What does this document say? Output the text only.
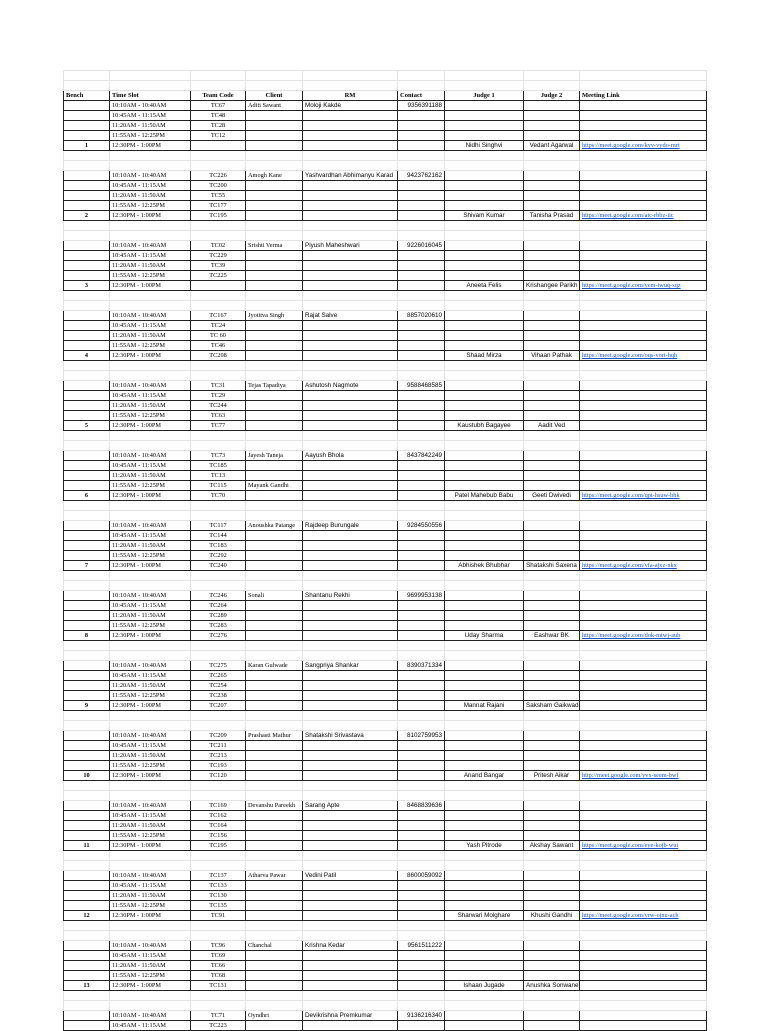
Bench	Time Slot	Team Code	Client	RM	Contact	Judge 1	Judge 2	Meeting Link
	10:10AM - 10:40AM	TC67	Aditi Sawant	Moloji Kakde	9356391188			
	10:45AM - 11:15AM	TC48						
	11:20AM - 11:50AM	TC28						
	11:55AM - 12:25PM	TC12						
1	12:30PM - 1:00PM					Nidhi Singhvi	Vedant Agarwal	https://meet.google.com/kyv-vydo-mrt

	10:10AM - 10:40AM	TC226	Amogh Kane	Yashvardhan Abhimanyu Karad	9423762162			
	10:45AM - 11:15AM	TC200						
	11:20AM - 11:50AM	TC55						
	11:55AM - 12:25PM	TC177						
2	12:30PM - 1:00PM	TC195				Shivam Kumar	Tanisha Prasad	https://meet.google.com/aic-rbbz-iic

	10:10AM - 10:40AM	TC02	Srishti Verma	Piyush Maheshwari	9226016045			
	10:45AM - 11:15AM	TC229						
	11:20AM - 11:50AM	TC39						
	11:55AM - 12:25PM	TC225						
3	12:30PM - 1:00PM					Aneeta Felis	Krishangee Parikh	https://meet.google.com/yem-iwuq-sqz

	10:10AM - 10:40AM	TC167	Jyotitva Singh	Rajat Salve	8857020610			
	10:45AM - 11:15AM	TC24						
	11:20AM - 11:50AM	TC 60						
	11:55AM - 12:25PM	TC46						
4	12:30PM - 1:00PM	TC208				Shaad Mirza	Vihaan Pathak	https://meet.google.com/oqs-vort-hqh

	10:10AM - 10:40AM	TC31	Tejas Tapadiya	Ashutosh Nagmote	9588468585			
	10:45AM - 11:15AM	TC29						
	11:20AM - 11:50AM	TC244						
	11:55AM - 12:25PM	TC63						
5	12:30PM - 1:00PM	TC77				Kaustubh Bagayee	Aadit Ved	

	10:10AM - 10:40AM	TC73	Jayesh Taneja	Aayush Bhola	8437842249			
	10:45AM - 11:15AM	TC185						
	11:20AM - 11:50AM	TC13						
	11:55AM - 12:25PM	TC115	Mayank Gandhi					
6	12:30PM - 1:00PM	TC70				Patel Mahebub Babu	Geeti Dwivedi	https://meet.google.com/qpt-hsuw-bhk

	10:10AM - 10:40AM	TC117	Anoushka Patange	Rajdeep Burungale	9284550556			
	10:45AM - 11:15AM	TC144						
	11:20AM - 11:50AM	TC183						
	11:55AM - 12:25PM	TC292						
7	12:30PM - 1:00PM	TC240				Abhishek Bhubhar	Shatakshi Saxena	https://meet.google.com/vfa-ajxz-nkx

	10:10AM - 10:40AM	TC246	Sonali	Shantanu Rekhi	9699953138			
	10:45AM - 11:15AM	TC264						
	11:20AM - 11:50AM	TC289						
	11:55AM - 12:25PM	TC283						
8	12:30PM - 1:00PM	TC276				Uday Sharma	Eashwar BK	https://meet.google.com/dok-mtwj-auh

	10:10AM - 10:40AM	TC275	Karan Gulwade	Sangpriya Shankar	8390371334			
	10:45AM - 11:15AM	TC265						
	11:20AM - 11:50AM	TC254						
	11:55AM - 12:25PM	TC238						
9	12:30PM - 1:00PM	TC207				Mannat Rajani	Saksham Gaikwad	

	10:10AM - 10:40AM	TC209	Prashasti Mathur	Shatakshi Srivastava	8102759953			
	10:45AM - 11:15AM	TC211						
	11:20AM - 11:50AM	TC213						
	11:55AM - 12:25PM	TC193						
10	12:30PM - 1:00PM	TC120				Anand Bangar	Pritesh Aikar	http://meet.google.com/yvx-seem-bwf

	10:10AM - 10:40AM	TC169	Devanshu Pareekh	Sarang Apte	8468839636			
	10:45AM - 11:15AM	TC162						
	11:20AM - 11:50AM	TC164						
	11:55AM - 12:25PM	TC156						
11	12:30PM - 1:00PM	TC195				Yash Pitrode	Akshay Sawant	https://meet.google.com/eye-kojb-wui

	10:10AM - 10:40AM	TC137	Atharva Pawar	Vedini Patil	8600059092			
	10:45AM - 11:15AM	TC133						
	11:20AM - 11:50AM	TC130						
	11:55AM - 12:25PM	TC135						
12	12:30PM - 1:00PM	TC91				Sharwari Molghare	Khushi Gandhi	https://meet.google.com/yrw-ojnu-ach

	10:10AM - 10:40AM	TC96	Chanchal	Krishna Kedar	9561511222			
	10:45AM - 11:15AM	TC69						
	11:20AM - 11:50AM	TC66						
	11:55AM - 12:25PM	TC68						
13	12:30PM - 1:00PM	TC131				Ishaan Jugade	Anushka Sonwane	

	10:10AM - 10:40AM	TC71	Oyndhri	Devikrishna Premkumar	9136216340			
	10:45AM - 11:15AM	TC223						
